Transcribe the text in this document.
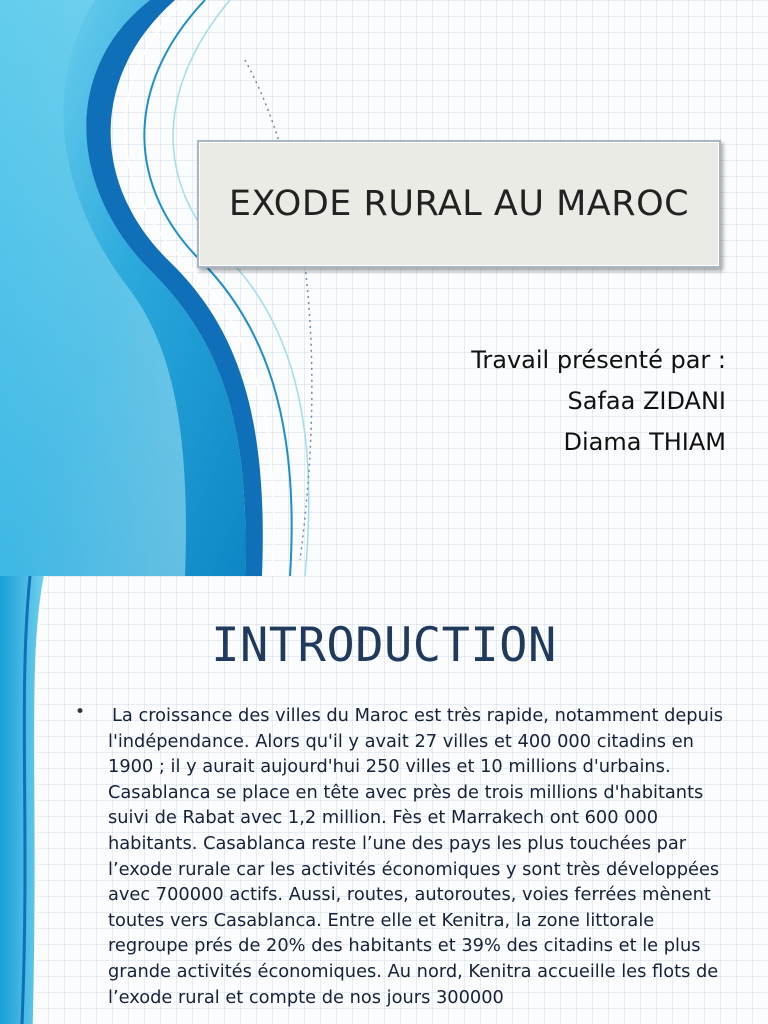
EXODE RURAL AU MAROC
Travail présenté par :
Safaa ZIDANI
Diama THIAM
INTRODUCTION
• La croissance des villes du Maroc est très rapide, notamment depuis l'indépendance. Alors qu'il y avait 27 villes et 400 000 citadins en 1900 ; il y aurait aujourd'hui 250 villes et 10 millions d'urbains. Casablanca se place en tête avec près de trois millions d'habitants suivi de Rabat avec 1,2 million. Fès et Marrakech ont 600 000 habitants. Casablanca reste l’une des pays les plus touchées par l’exode rurale car les activités économiques y sont très développées avec 700000 actifs. Aussi, routes, autoroutes, voies ferrées mènent toutes vers Casablanca. Entre elle et Kenitra, la zone littorale regroupe prés de 20% des habitants et 39% des citadins et le plus grande activités économiques. Au nord, Kenitra accueille les flots de l’exode rural et compte de nos jours 300000
